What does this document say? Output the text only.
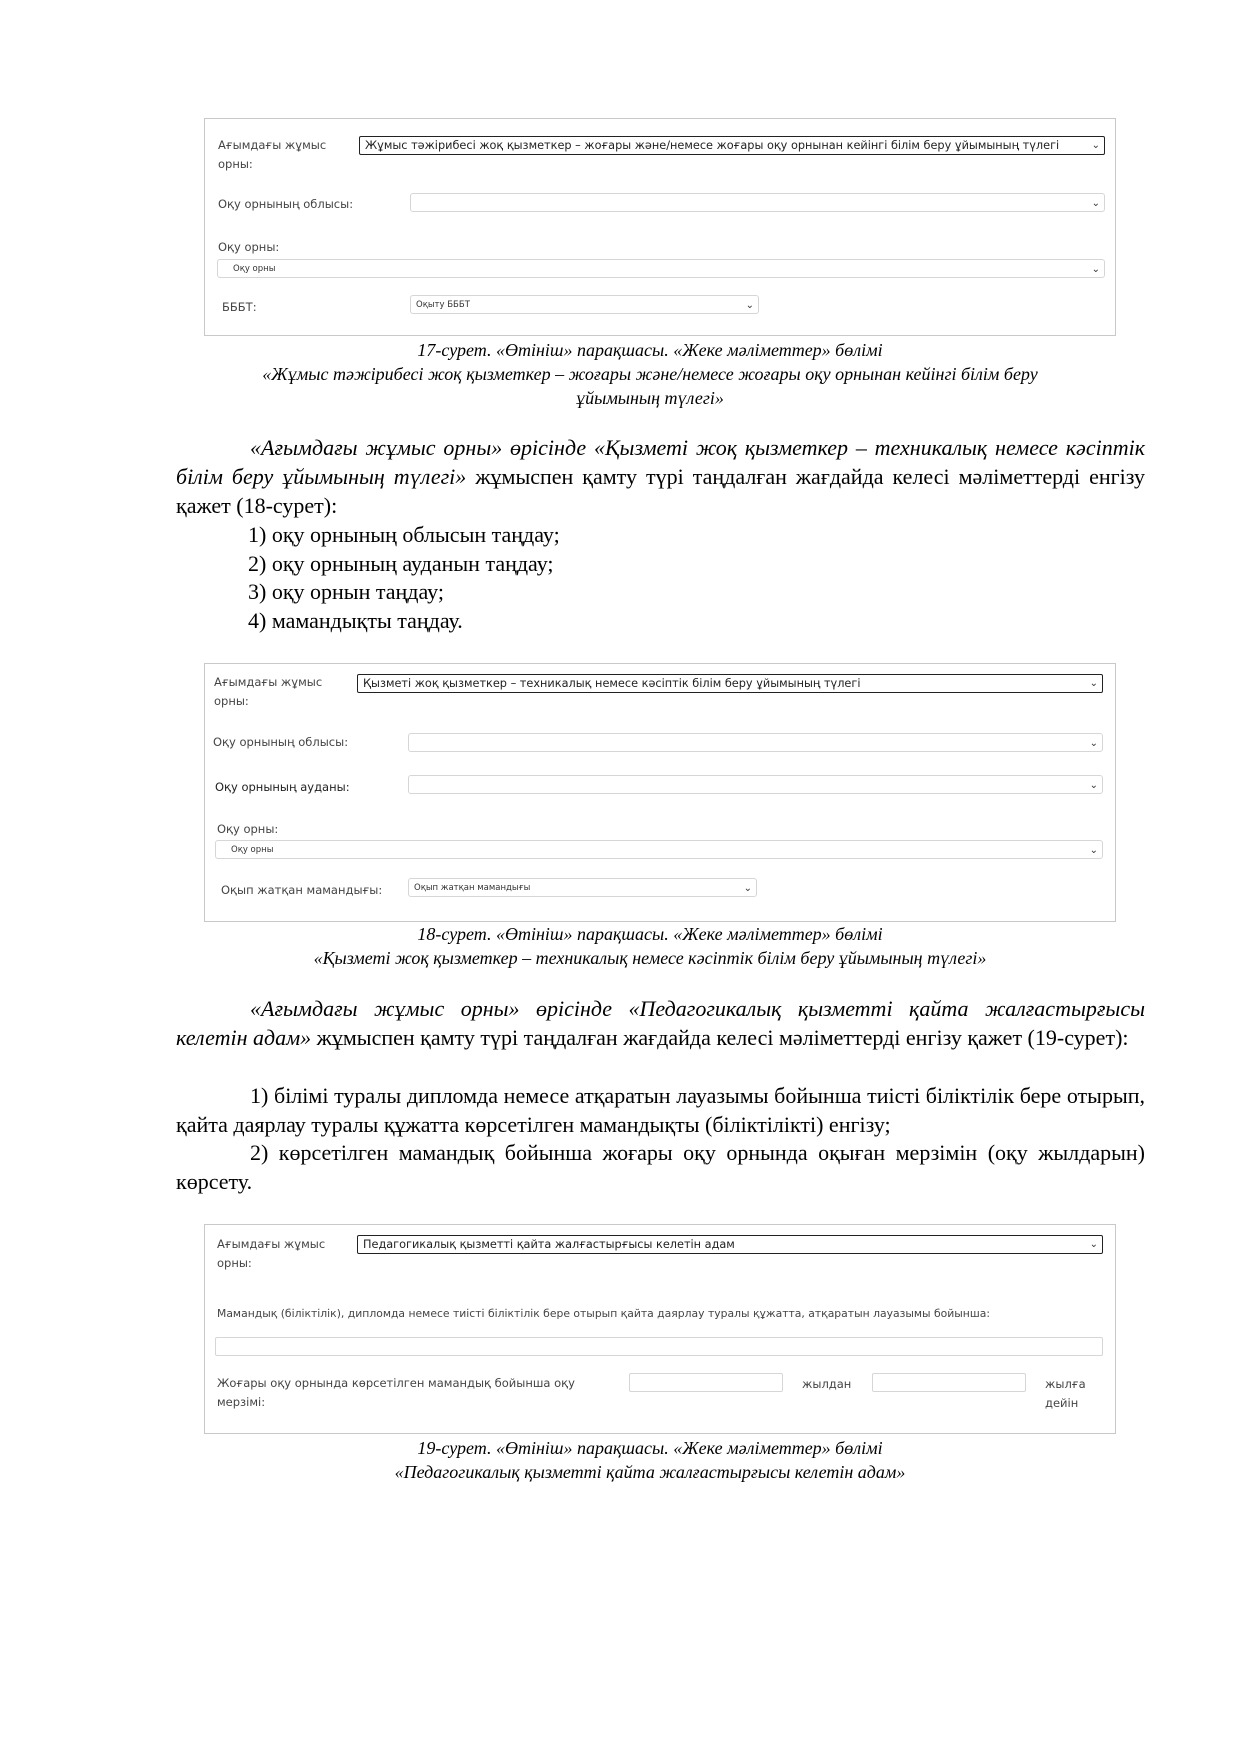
Ағымдағы жұмыс
орны:
Жұмыс тәжірибесі жоқ қызметкер – жоғары және/немесе жоғары оқу орнынан кейінгі білім беру ұйымының түлегі	⌄
Оқу орнының облысы:	⌄
Оқу орны:
Оқу орны	⌄
БББТ:	Оқыту БББТ	⌄
17-сурет. «Өтініш» парақшасы. «Жеке мәліметтер» бөлімі
«Жұмыс тәжірибесі жоқ қызметкер – жоғары және/немесе жоғары оқу орнынан кейінгі білім беру
ұйымының түлегі»
«Ағымдағы жұмыс орны» өрісінде «Қызметі жоқ қызметкер – техникалық немесе кәсіптік білім беру ұйымының түлегі» жұмыспен қамту түрі таңдалған жағдайда келесі мәліметтерді енгізу қажет (18-сурет):
1) оқу орнының облысын таңдау;
2) оқу орнының ауданын таңдау;
3) оқу орнын таңдау;
4) мамандықты таңдау.
Ағымдағы жұмыс
орны:
Қызметі жоқ қызметкер – техникалық немесе кәсіптік білім беру ұйымының түлегі	⌄
Оқу орнының облысы:	⌄
Оқу орнының ауданы:	⌄
Оқу орны:
Оқу орны	⌄
Оқып жатқан мамандығы:	Оқып жатқан мамандығы	⌄
18-сурет. «Өтініш» парақшасы. «Жеке мәліметтер» бөлімі
«Қызметі жоқ қызметкер – техникалық немесе кәсіптік білім беру ұйымының түлегі»
«Ағымдағы жұмыс орны» өрісінде «Педагогикалық қызметті қайта жалғастырғысы келетін адам» жұмыспен қамту түрі таңдалған жағдайда келесі мәліметтерді енгізу қажет (19-сурет):
1) білімі туралы дипломда немесе атқаратын лауазымы бойынша тиісті біліктілік бере отырып, қайта даярлау туралы құжатта көрсетілген мамандықты (біліктілікті) енгізу;
2) көрсетілген мамандық бойынша жоғары оқу орнында оқыған мерзімін (оқу жылдарын) көрсету.
Ағымдағы жұмыс
орны:
Педагогикалық қызметті қайта жалғастырғысы келетін адам	⌄
Мамандық (біліктілік), дипломда немесе тиісті біліктілік бере отырып қайта даярлау туралы құжатта, атқаратын лауазымы бойынша:
Жоғары оқу орнында көрсетілген мамандық бойынша оқу
мерзімі:
жылдан	жылға
дейін
19-сурет. «Өтініш» парақшасы. «Жеке мәліметтер» бөлімі
«Педагогикалық қызметті қайта жалғастырғысы келетін адам»
